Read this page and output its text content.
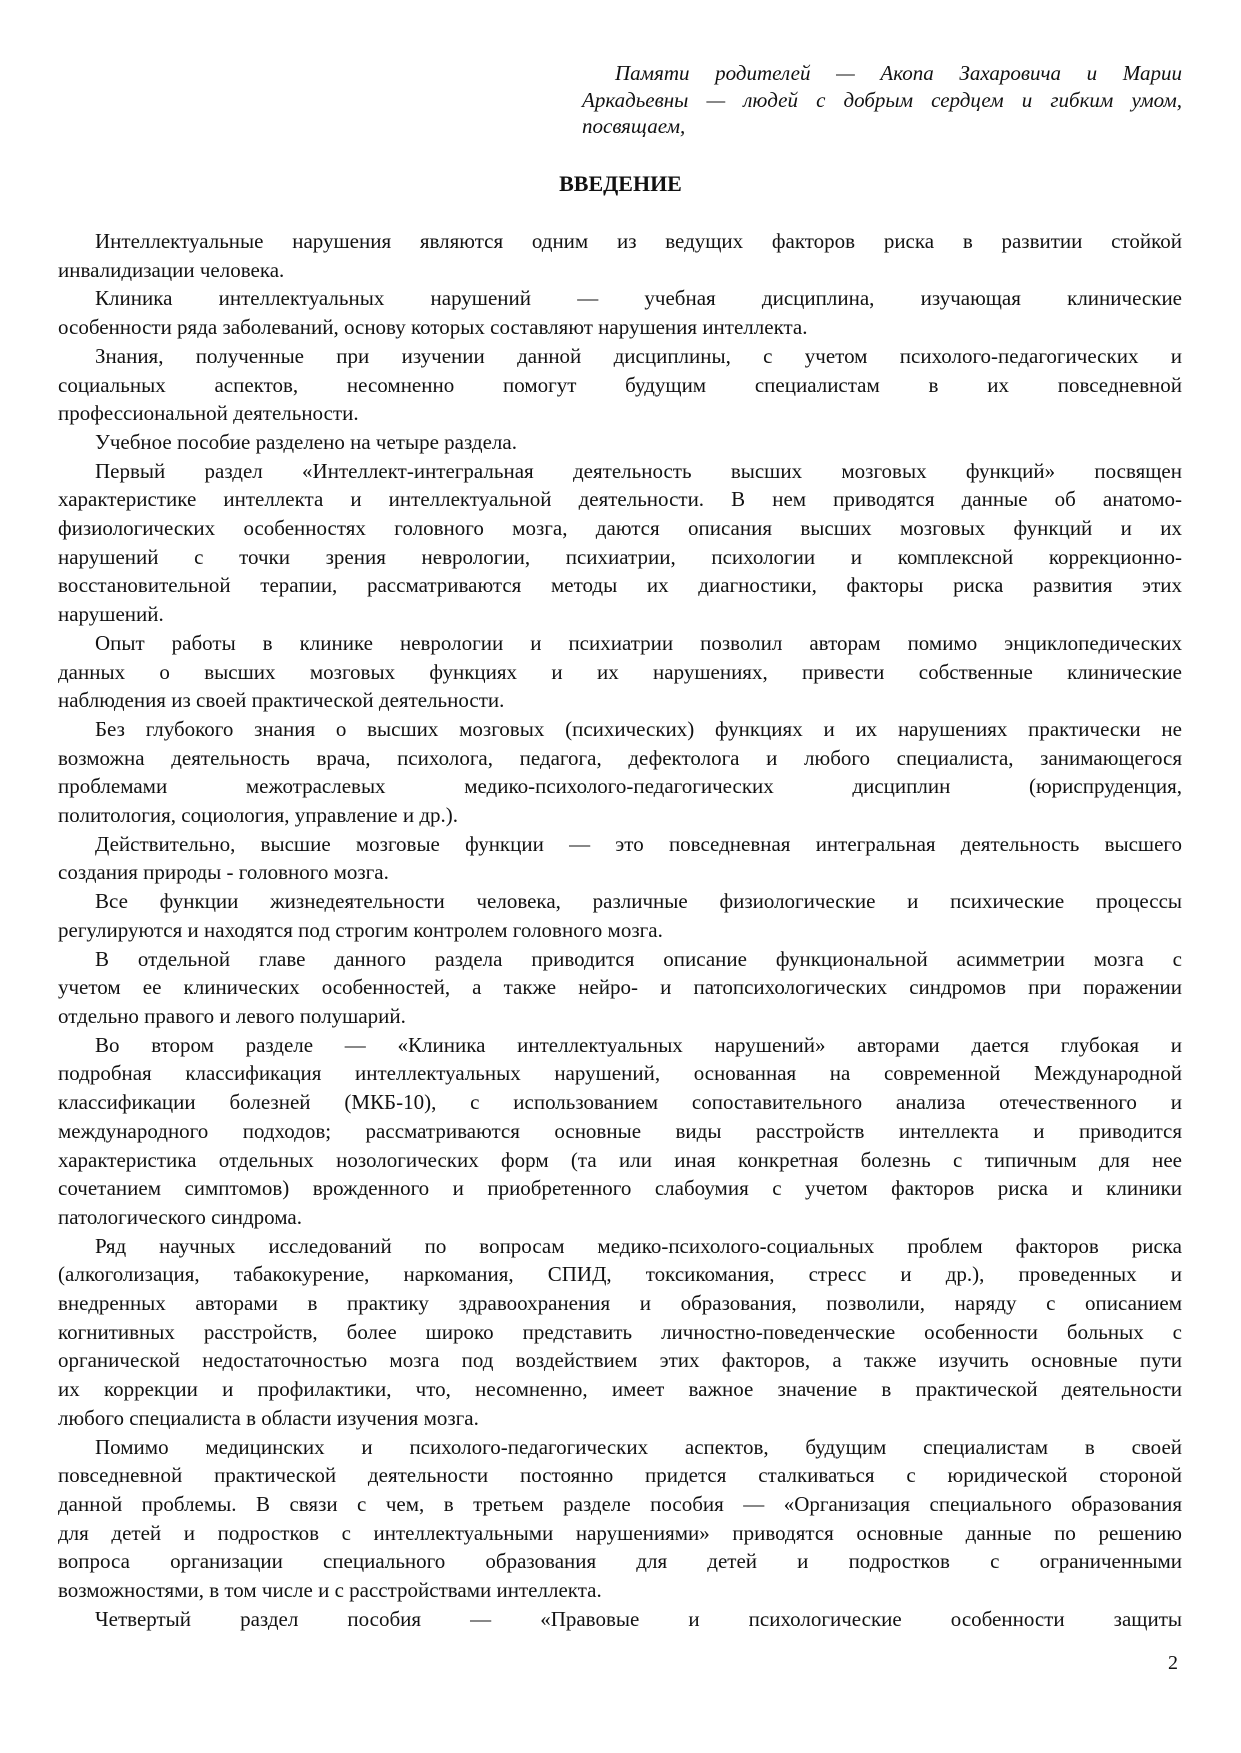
Памяти родителей — Акопа Захаровича и Марии
Аркадьевны — людей с добрым сердцем и гибким умом,
посвящаем,
ВВЕДЕНИЕ
Интеллектуальные нарушения являются одним из ведущих факторов риска в развитии стойкой
инвалидизации человека.
Клиника интеллектуальных нарушений — учебная дисциплина, изучающая клинические
особенности ряда заболеваний, основу которых составляют нарушения интеллекта.
Знания, полученные при изучении данной дисциплины, с учетом психолого-педагогических и
социальных аспектов, несомненно помогут будущим специалистам в их повседневной
профессиональной деятельности.
Учебное пособие разделено на четыре раздела.
Первый раздел «Интеллект-интегральная деятельность высших мозговых функций» посвящен
характеристике интеллекта и интеллектуальной деятельности. В нем приводятся данные об анатомо-
физиологических особенностях головного мозга, даются описания высших мозговых функций и их
нарушений с точки зрения неврологии, психиатрии, психологии и комплексной коррекционно-
восстановительной терапии, рассматриваются методы их диагностики, факторы риска развития этих
нарушений.
Опыт работы в клинике неврологии и психиатрии позволил авторам помимо энциклопедических
данных о высших мозговых функциях и их нарушениях, привести собственные клинические
наблюдения из своей практической деятельности.
Без глубокого знания о высших мозговых (психических) функциях и их нарушениях практически не
возможна деятельность врача, психолога, педагога, дефектолога и любого специалиста, занимающегося
проблемами межотраслевых медико-психолого-педагогических дисциплин (юриспруденция,
политология, социология, управление и др.).
Действительно, высшие мозговые функции — это повседневная интегральная деятельность высшего
создания природы - головного мозга.
Все функции жизнедеятельности человека, различные физиологические и психические процессы
регулируются и находятся под строгим контролем головного мозга.
В отдельной главе данного раздела приводится описание функциональной асимметрии мозга с
учетом ее клинических особенностей, а также нейро- и патопсихологических синдромов при поражении
отдельно правого и левого полушарий.
Во втором разделе — «Клиника интеллектуальных нарушений» авторами дается глубокая и
подробная классификация интеллектуальных нарушений, основанная на современной Международной
классификации болезней (МКБ-10), с использованием сопоставительного анализа отечественного и
международного подходов; рассматриваются основные виды расстройств интеллекта и приводится
характеристика отдельных нозологических форм (та или иная конкретная болезнь с типичным для нее
сочетанием симптомов) врожденного и приобретенного слабоумия с учетом факторов риска и клиники
патологического синдрома.
Ряд научных исследований по вопросам медико-психолого-социальных проблем факторов риска
(алкоголизация, табакокурение, наркомания, СПИД, токсикомания, стресс и др.), проведенных и
внедренных авторами в практику здравоохранения и образования, позволили, наряду с описанием
когнитивных расстройств, более широко представить личностно-поведенческие особенности больных с
органической недостаточностью мозга под воздействием этих факторов, а также изучить основные пути
их коррекции и профилактики, что, несомненно, имеет важное значение в практической деятельности
любого специалиста в области изучения мозга.
Помимо медицинских и психолого-педагогических аспектов, будущим специалистам в своей
повседневной практической деятельности постоянно придется сталкиваться с юридической стороной
данной проблемы. В связи с чем, в третьем разделе пособия — «Организация специального образования
для детей и подростков с интеллектуальными нарушениями» приводятся основные данные по решению
вопроса организации специального образования для детей и подростков с ограниченными
возможностями, в том числе и с расстройствами интеллекта.
Четвертый раздел пособия — «Правовые и психологические особенности защиты
2
